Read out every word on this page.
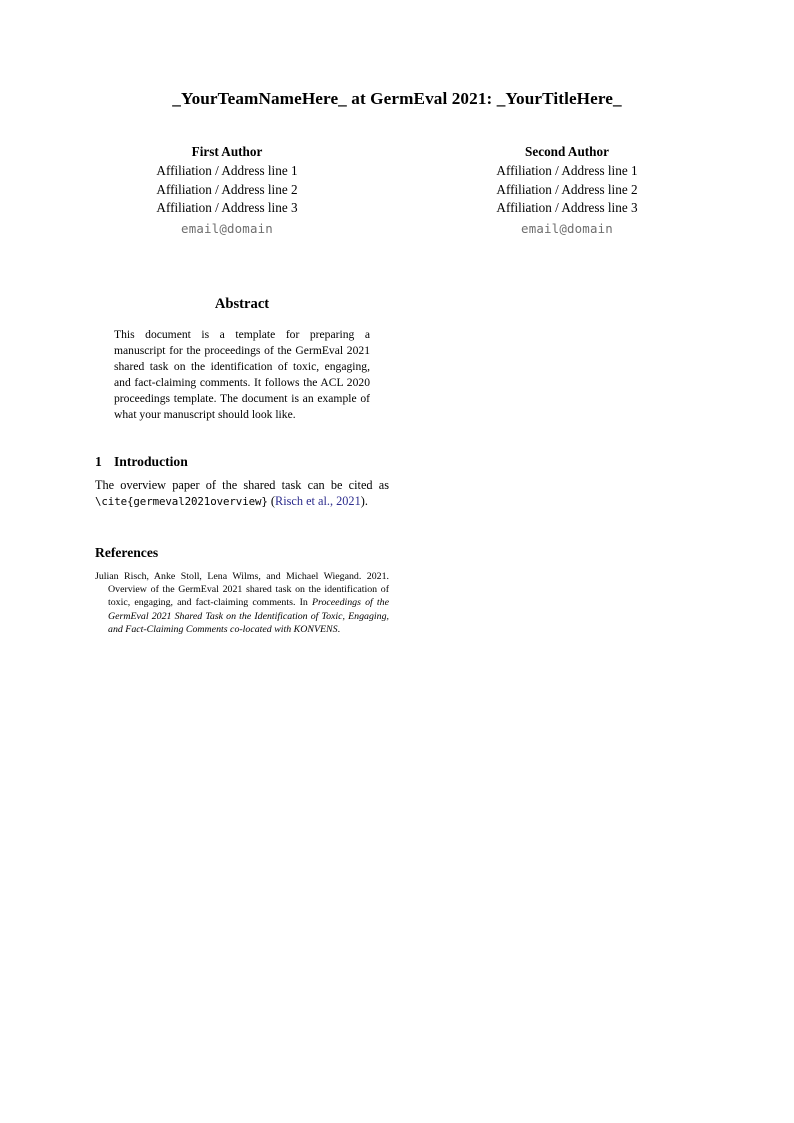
_YourTeamNameHere_ at GermEval 2021: _YourTitleHere_
First Author
Affiliation / Address line 1
Affiliation / Address line 2
Affiliation / Address line 3
email@domain
Second Author
Affiliation / Address line 1
Affiliation / Address line 2
Affiliation / Address line 3
email@domain
Abstract

This document is a template for preparing a manuscript for the proceedings of the GermEval 2021 shared task on the identification of toxic, engaging, and fact-claiming comments. It follows the ACL 2020 proceedings template. The document is an example of what your manuscript should look like.

1 Introduction

The overview paper of the shared task can be cited as \cite{germeval2021overview} (Risch et al., 2021).

References

Julian Risch, Anke Stoll, Lena Wilms, and Michael Wiegand. 2021. Overview of the GermEval 2021 shared task on the identification of toxic, engaging, and fact-claiming comments. In Proceedings of the GermEval 2021 Shared Task on the Identification of Toxic, Engaging, and Fact-Claiming Comments co-located with KONVENS.
